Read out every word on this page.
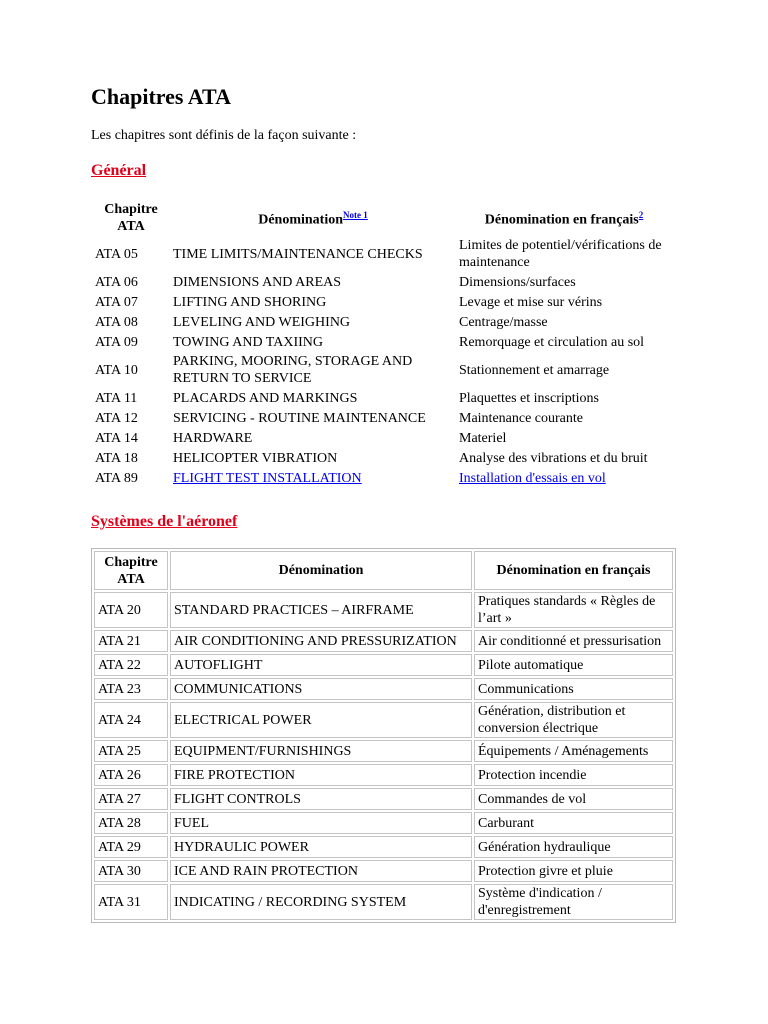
Chapitres ATA

Les chapitres sont définis de la façon suivante :

Général
Chapitre ATA	Dénomination$^{Note 1}$	Dénomination en français$^2$
ATA 05	TIME LIMITS/MAINTENANCE CHECKS	Limites de potentiel/vérifications de maintenance
ATA 06	DIMENSIONS AND AREAS	Dimensions/surfaces
ATA 07	LIFTING AND SHORING	Levage et mise sur vérins
ATA 08	LEVELING AND WEIGHING	Centrage/masse
ATA 09	TOWING AND TAXIING	Remorquage et circulation au sol
ATA 10	PARKING, MOORING, STORAGE AND RETURN TO SERVICE	Stationnement et amarrage
ATA 11	PLACARDS AND MARKINGS	Plaquettes et inscriptions
ATA 12	SERVICING - ROUTINE MAINTENANCE	Maintenance courante
ATA 14	HARDWARE	Materiel
ATA 18	HELICOPTER VIBRATION	Analyse des vibrations et du bruit
ATA 89	FLIGHT TEST INSTALLATION	Installation d'essais en vol
Systèmes de l'aéronef
Chapitre ATA	Dénomination	Dénomination en français
ATA 20	STANDARD PRACTICES – AIRFRAME	Pratiques standards « Règles de l’art »
ATA 21	AIR CONDITIONING AND PRESSURIZATION	Air conditionné et pressurisation
ATA 22	AUTOFLIGHT	Pilote automatique
ATA 23	COMMUNICATIONS	Communications
ATA 24	ELECTRICAL POWER	Génération, distribution et conversion électrique
ATA 25	EQUIPMENT/FURNISHINGS	Équipements / Aménagements
ATA 26	FIRE PROTECTION	Protection incendie
ATA 27	FLIGHT CONTROLS	Commandes de vol
ATA 28	FUEL	Carburant
ATA 29	HYDRAULIC POWER	Génération hydraulique
ATA 30	ICE AND RAIN PROTECTION	Protection givre et pluie
ATA 31	INDICATING / RECORDING SYSTEM	Système d'indication / d'enregistrement
